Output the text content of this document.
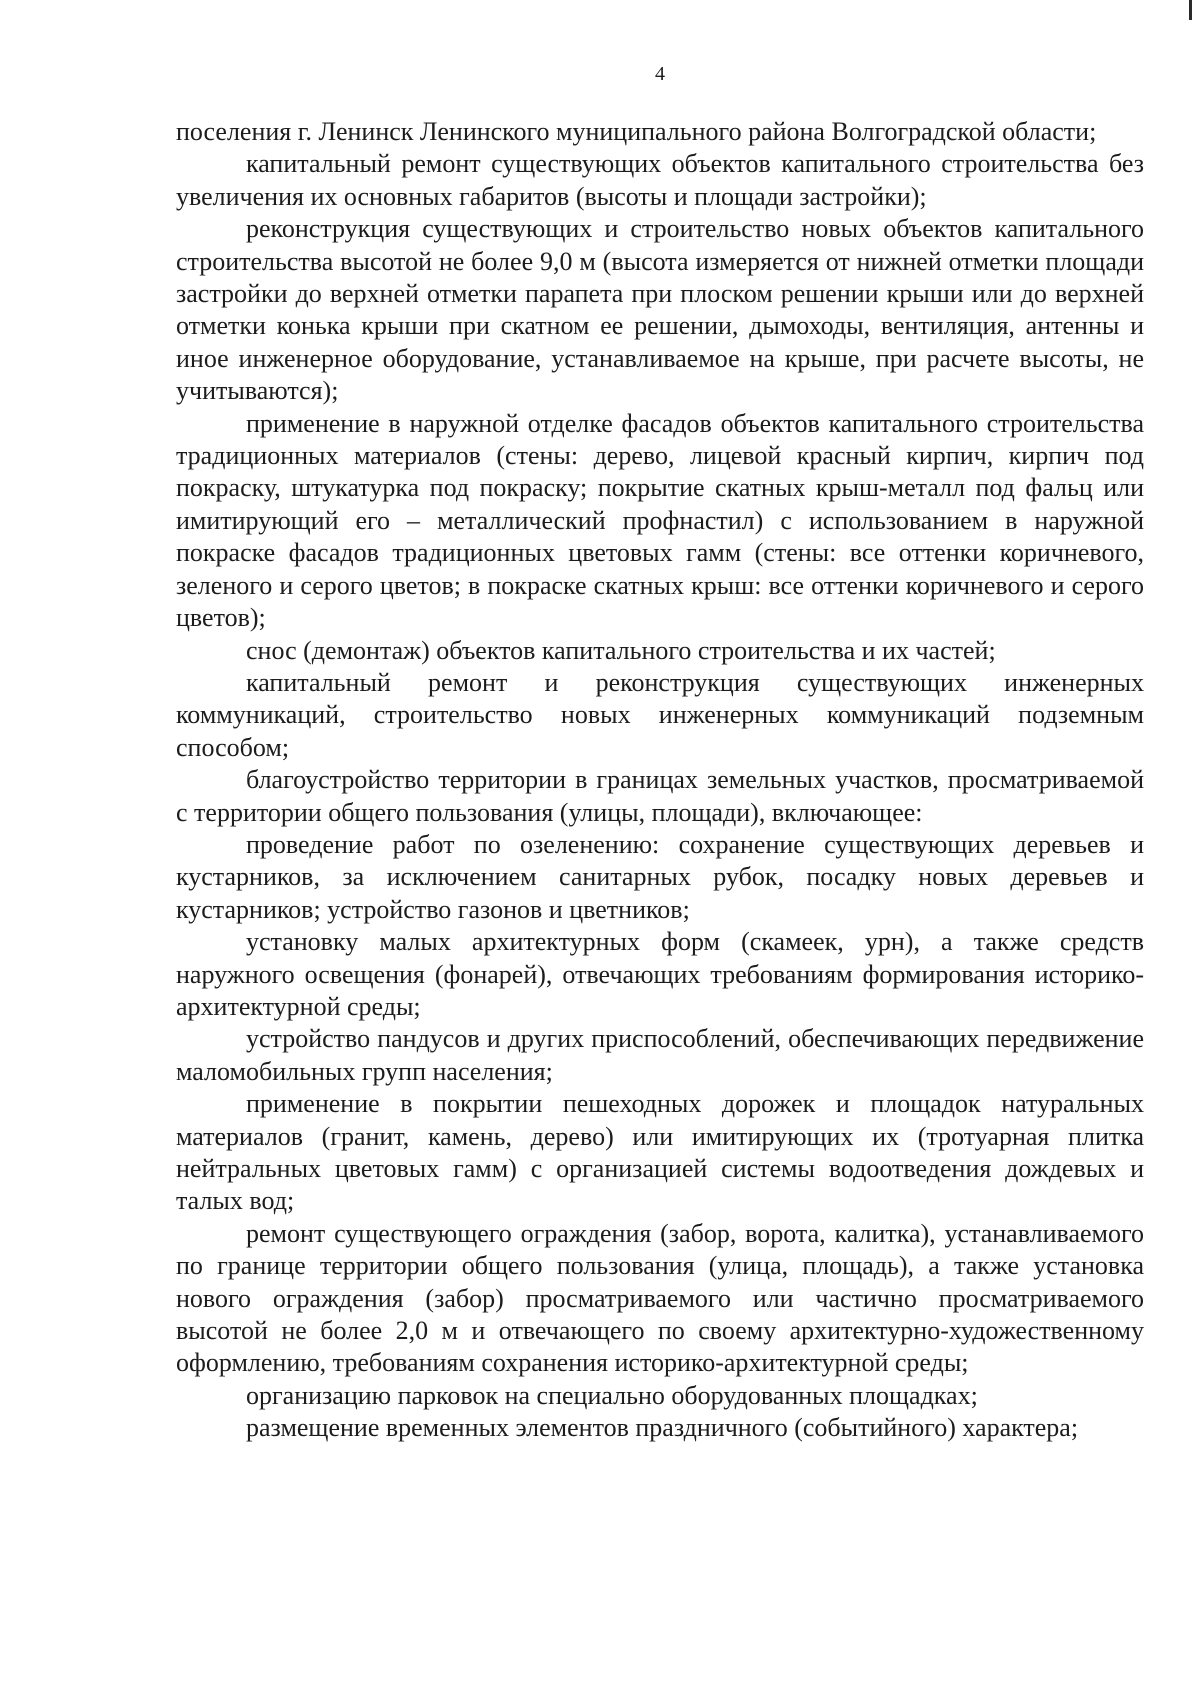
4

поселения г. Ленинск Ленинского муниципального района Волгоградской области;

капитальный ремонт существующих объектов капитального строительства без увеличения их основных габаритов (высоты и площади застройки);

реконструкция существующих и строительство новых объектов капитального строительства высотой не более 9,0 м (высота измеряется от нижней отметки площади застройки до верхней отметки парапета при плоском решении крыши или до верхней отметки конька крыши при скатном ее решении, дымоходы, вентиляция, антенны и иное инженерное оборудование, устанавливаемое на крыше, при расчете высоты, не учитываются);

применение в наружной отделке фасадов объектов капитального строительства традиционных материалов (стены: дерево, лицевой красный кирпич, кирпич под покраску, штукатурка под покраску; покрытие скатных крыш-металл под фальц или имитирующий его – металлический профнастил) с использованием в наружной покраске фасадов традиционных цветовых гамм (стены: все оттенки коричневого, зеленого и серого цветов; в покраске скатных крыш: все оттенки коричневого и серого цветов);

снос (демонтаж) объектов капитального строительства и их частей;

капитальный ремонт и реконструкция существующих инженерных коммуникаций, строительство новых инженерных коммуникаций подземным способом;

благоустройство территории в границах земельных участков, просматриваемой с территории общего пользования (улицы, площади), включающее:

проведение работ по озеленению: сохранение существующих деревьев и кустарников, за исключением санитарных рубок, посадку новых деревьев и кустарников; устройство газонов и цветников;

установку малых архитектурных форм (скамеек, урн), а также средств наружного освещения (фонарей), отвечающих требованиям формирования историко-архитектурной среды;

устройство пандусов и других приспособлений, обеспечивающих передвижение маломобильных групп населения;

применение в покрытии пешеходных дорожек и площадок натуральных материалов (гранит, камень, дерево) или имитирующих их (тротуарная плитка нейтральных цветовых гамм) с организацией системы водоотведения дождевых и талых вод;

ремонт существующего ограждения (забор, ворота, калитка), устанавливаемого по границе территории общего пользования (улица, площадь), а также установка нового ограждения (забор) просматриваемого или частично просматриваемого высотой не более 2,0 м и отвечающего по своему архитектурно-художественному оформлению, требованиям сохранения историко-архитектурной среды;

организацию парковок на специально оборудованных площадках;

размещение временных элементов праздничного (событийного) характера;
